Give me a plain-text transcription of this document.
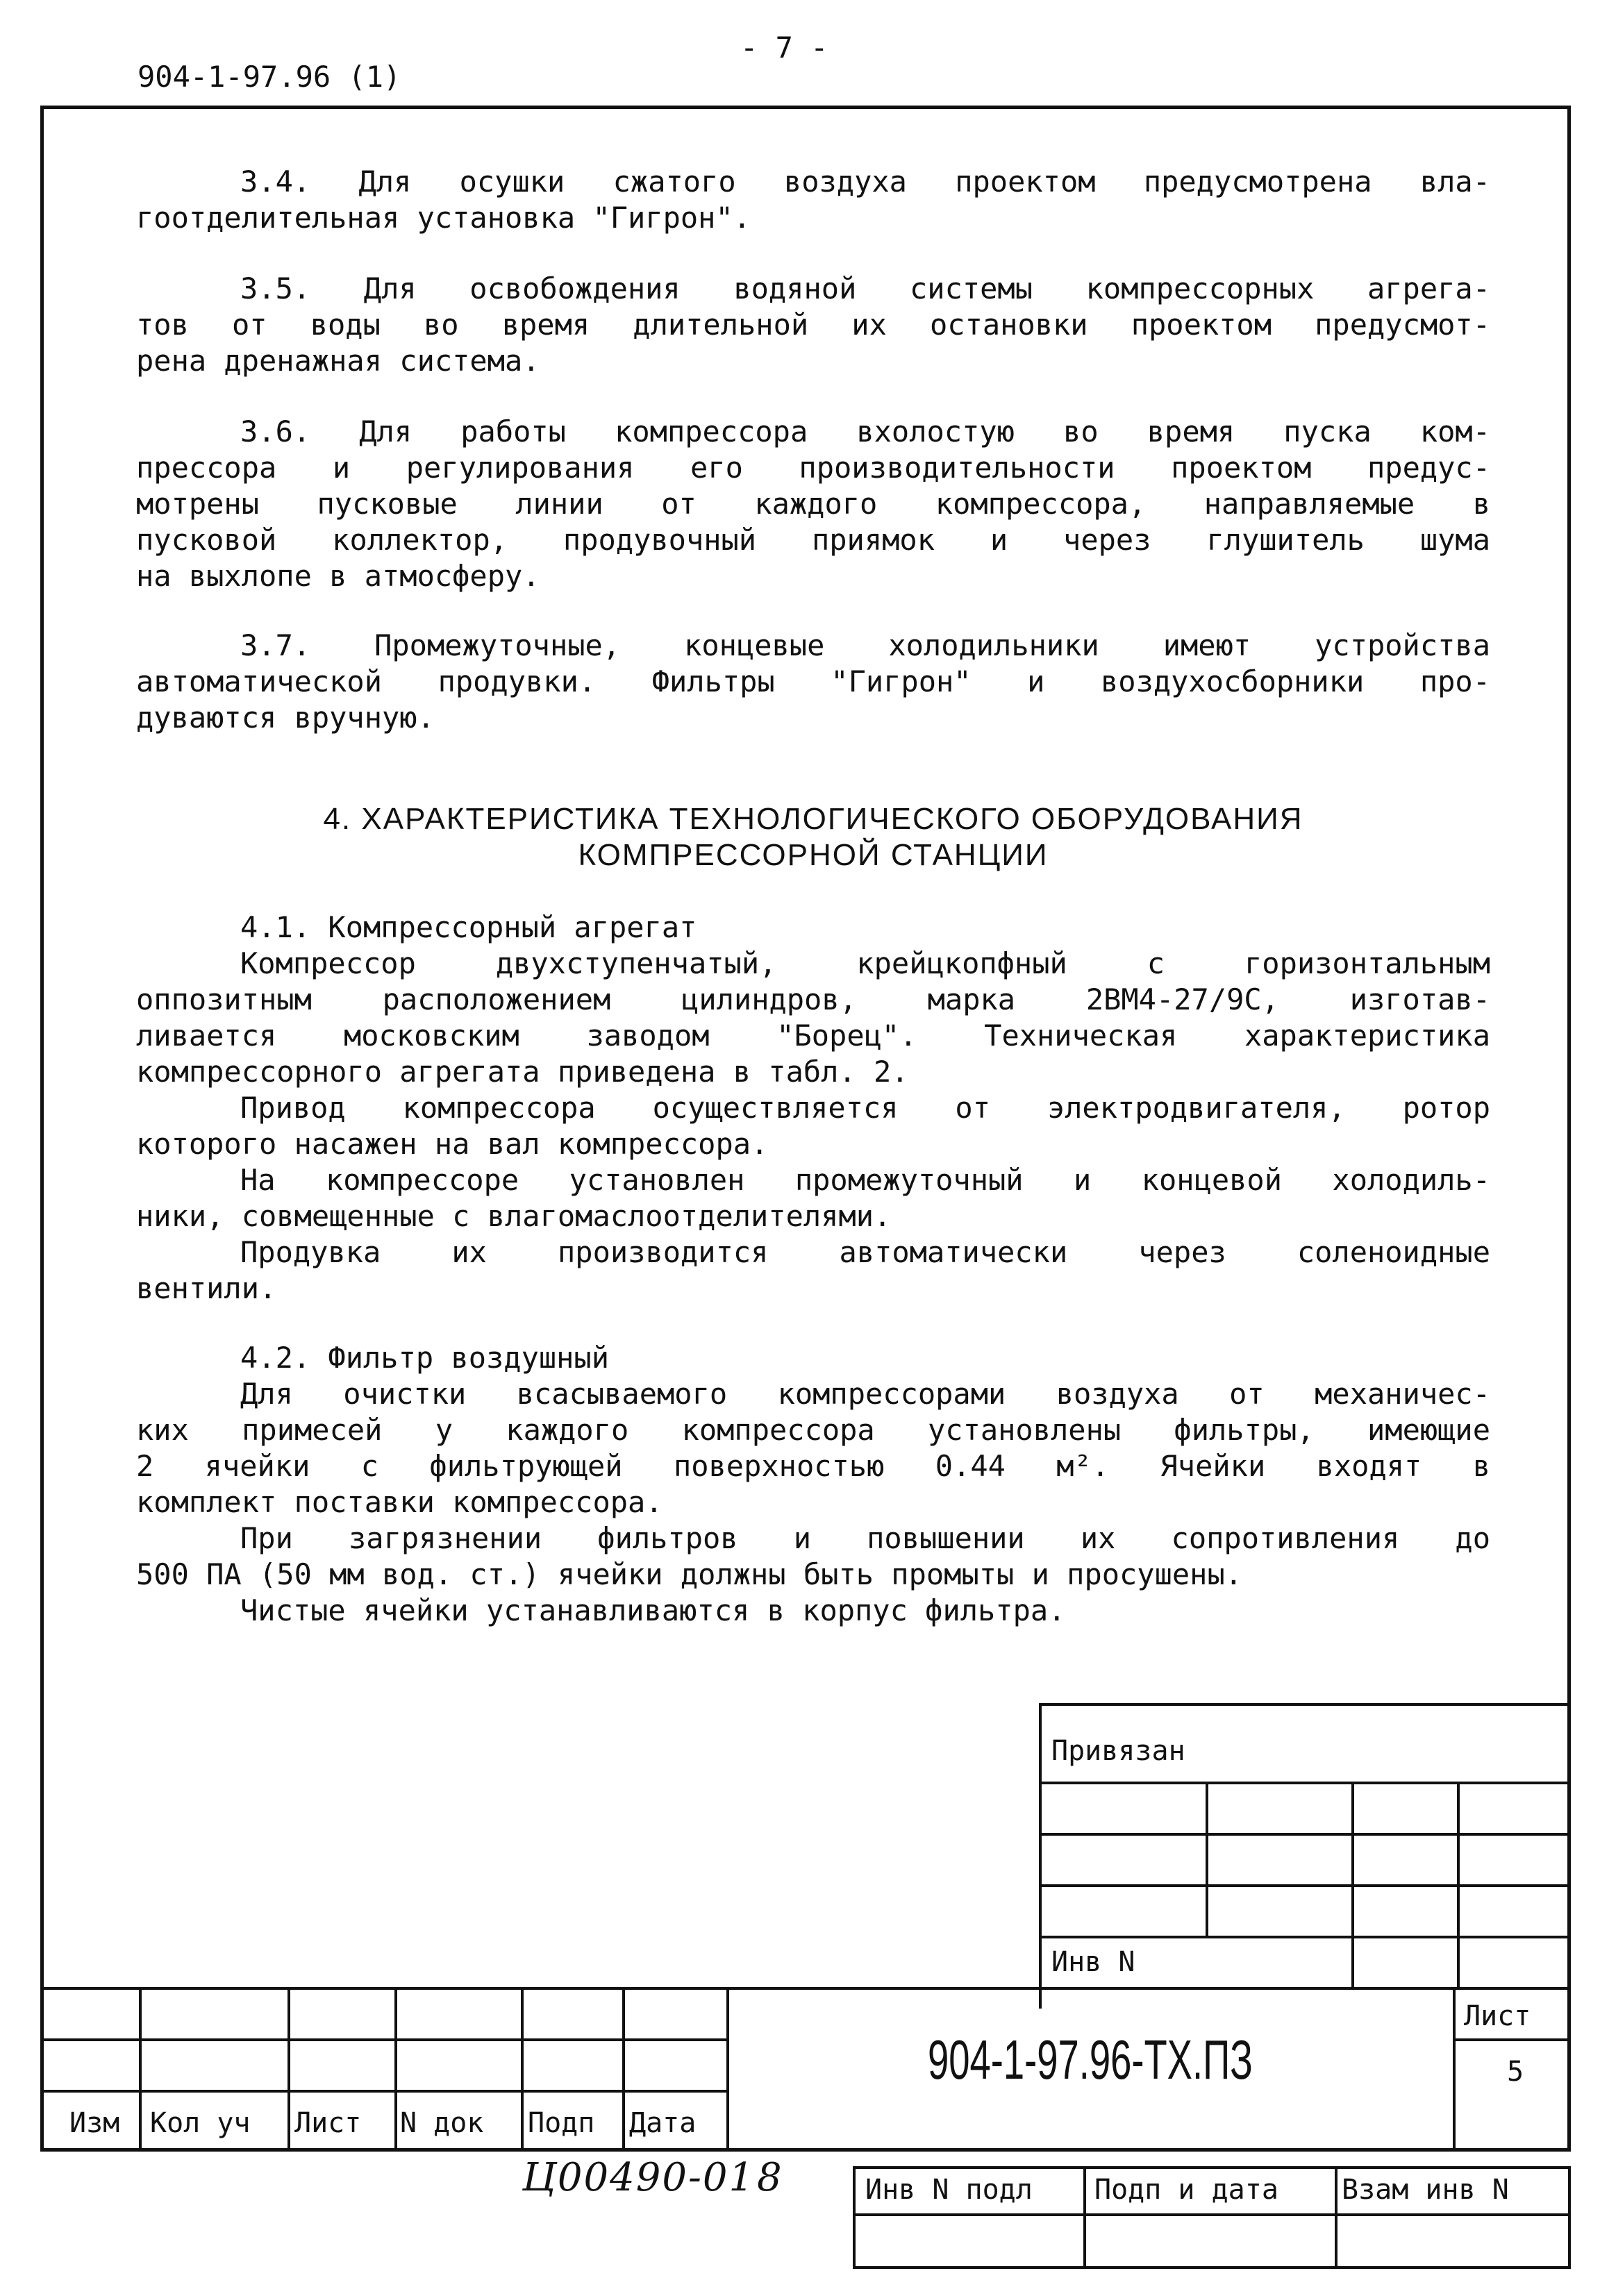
- 7 -
904-1-97.96 (1)
3.4. Для осушки сжатого воздуха проектом предусмотрена вла-
гоотделительная установка "Гигрон".
3.5. Для освобождения водяной системы компрессорных агрега-
тов от воды во время длительной их остановки проектом предусмот-
рена дренажная система.
3.6. Для работы компрессора вхолостую во время пуска ком-
прессора и регулирования его производительности проектом предус-
мотрены пусковые линии от каждого компрессора, направляемые в
пусковой коллектор, продувочный приямок и через глушитель шума
на выхлопе в атмосферу.
3.7. Промежуточные, концевые холодильники имеют устройства
автоматической продувки. Фильтры "Гигрон" и воздухосборники про-
дуваются вручную.
4. ХАРАКТЕРИСТИКА ТЕХНОЛОГИЧЕСКОГО ОБОРУДОВАНИЯ
КОМПРЕССОРНОЙ СТАНЦИИ
4.1. Компрессорный агрегат
Компрессор двухступенчатый, крейцкопфный с горизонтальным
оппозитным расположением цилиндров, марка 2ВМ4-27/9С, изготав-
ливается московским заводом "Борец". Техническая характеристика
компрессорного агрегата приведена в табл. 2.
Привод компрессора осуществляется от электродвигателя, ротор
которого насажен на вал компрессора.
На компрессоре установлен промежуточный и концевой холодиль-
ники, совмещенные с влагомаслоотделителями.
Продувка их производится автоматически через соленоидные
вентили.
4.2. Фильтр воздушный
Для очистки всасываемого компрессорами воздуха от механичес-
ких примесей у каждого компрессора установлены фильтры, имеющие
2 ячейки с фильтрующей поверхностью 0.44 м². Ячейки входят в
комплект поставки компрессора.
При загрязнении фильтров и повышении их сопротивления до
500 ПА (50 мм вод. ст.) ячейки должны быть промыты и просушены.
Чистые ячейки устанавливаются в корпус фильтра.
Привязан
Инв N
Изм Кол уч Лист N док Подп Дата
904-1-97.96-ТХ.ПЗ
Лист
5
Ц00490-01 8	Инв N подл Подп и дата Взам инв N
